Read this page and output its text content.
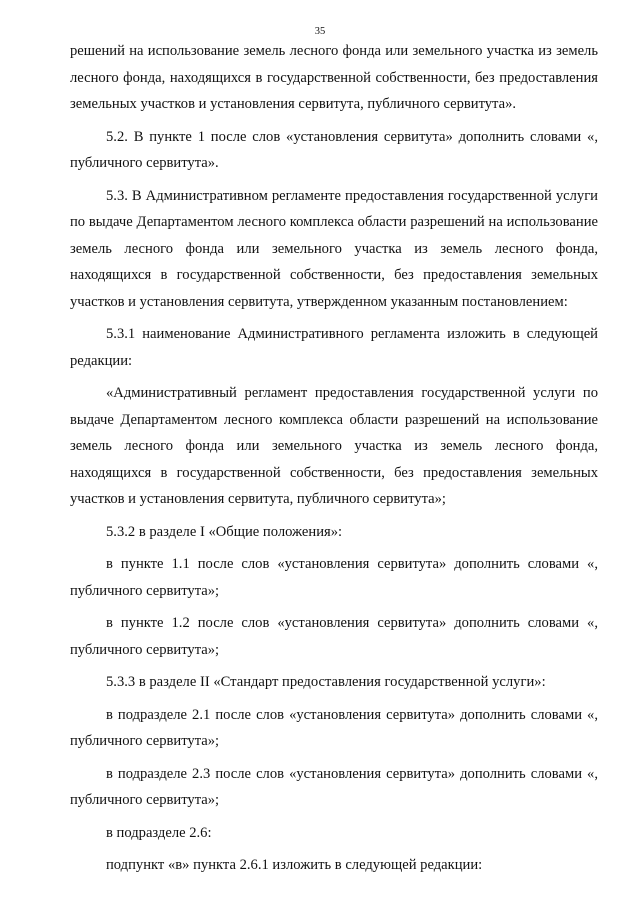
35

решений на использование земель лесного фонда или земельного участка из земель лесного фонда, находящихся в государственной собственности, без предоставления земельных участков и установления сервитута, публичного сервитута».

5.2. В пункте 1 после слов «установления сервитута» дополнить словами «, публичного сервитута».

5.3. В Административном регламенте предоставления государственной услуги по выдаче Департаментом лесного комплекса области разрешений на использование земель лесного фонда или земельного участка из земель лесного фонда, находящихся в государственной собственности, без предоставления земельных участков и установления сервитута, утвержденном указанным постановлением:

5.3.1 наименование Административного регламента изложить в следующей редакции:

«Административный регламент предоставления государственной услуги по выдаче Департаментом лесного комплекса области разрешений на использование земель лесного фонда или земельного участка из земель лесного фонда, находящихся в государственной собственности, без предоставления земельных участков и установления сервитута, публичного сервитута»;

5.3.2 в разделе I «Общие положения»:

в пункте 1.1 после слов «установления сервитута» дополнить словами «, публичного сервитута»;

в пункте 1.2 после слов «установления сервитута» дополнить словами «, публичного сервитута»;

5.3.3 в разделе II «Стандарт предоставления государственной услуги»:

в подразделе 2.1 после слов «установления сервитута» дополнить словами «, публичного сервитута»;

в подразделе 2.3 после слов «установления сервитута» дополнить словами «, публичного сервитута»;

в подразделе 2.6:

подпункт «в» пункта 2.6.1 изложить в следующей редакции:
